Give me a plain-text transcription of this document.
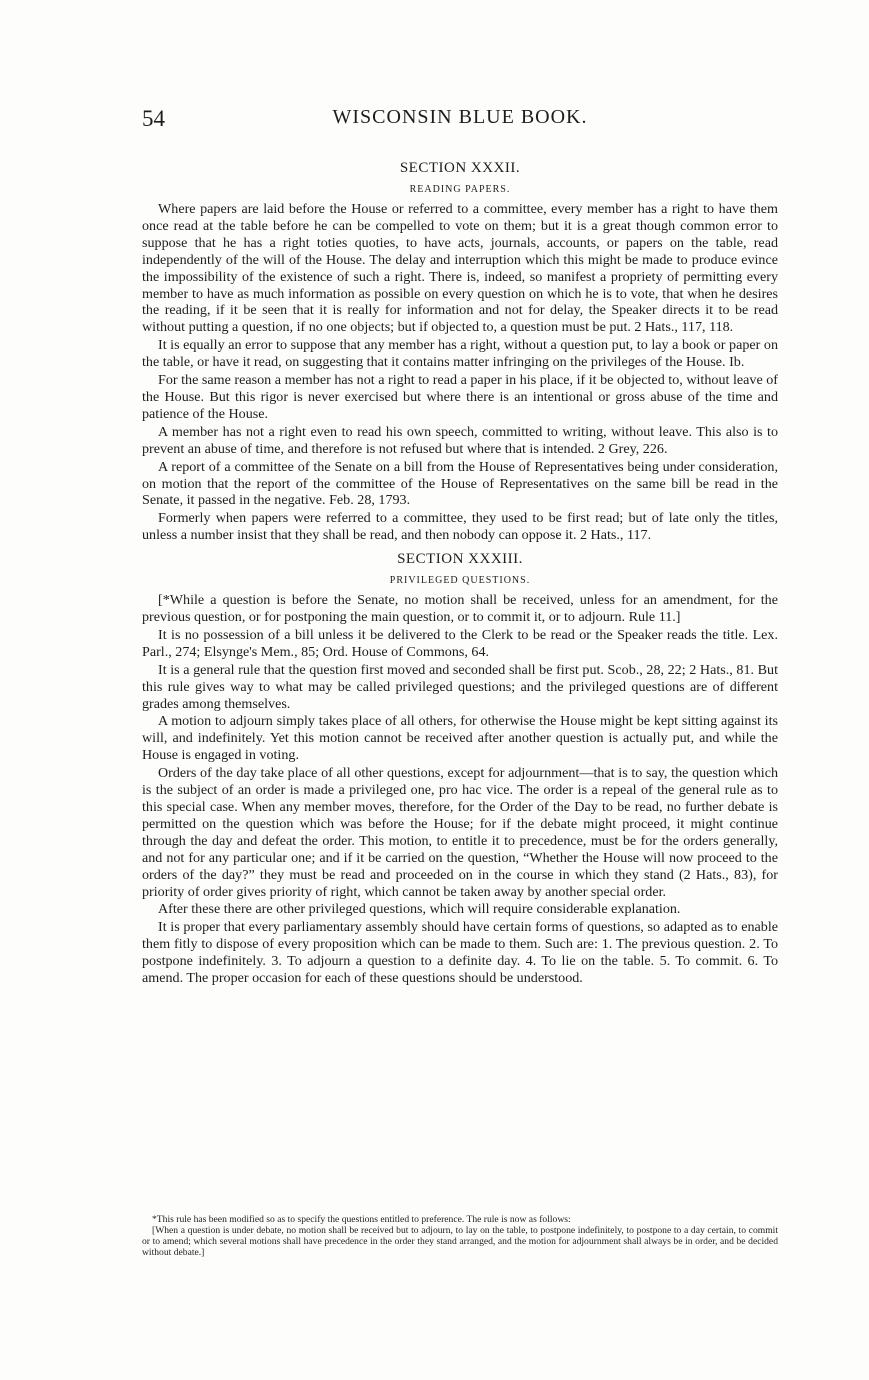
54	WISCONSIN BLUE BOOK.
SECTION XXXII.
READING PAPERS.

Where papers are laid before the House or referred to a committee, every member has a right to have them once read at the table before he can be compelled to vote on them; but it is a great though common error to suppose that he has a right toties quoties, to have acts, journals, accounts, or papers on the table, read independently of the will of the House. The delay and interruption which this might be made to produce evince the impossibility of the existence of such a right. There is, indeed, so manifest a propriety of permitting every member to have as much information as possible on every question on which he is to vote, that when he desires the reading, if it be seen that it is really for information and not for delay, the Speaker directs it to be read without putting a question, if no one objects; but if objected to, a question must be put. 2 Hats., 117, 118.

It is equally an error to suppose that any member has a right, without a question put, to lay a book or paper on the table, or have it read, on suggesting that it contains matter infringing on the privileges of the House. Ib.

For the same reason a member has not a right to read a paper in his place, if it be objected to, without leave of the House. But this rigor is never exercised but where there is an intentional or gross abuse of the time and patience of the House.

A member has not a right even to read his own speech, committed to writing, without leave. This also is to prevent an abuse of time, and therefore is not refused but where that is intended. 2 Grey, 226.

A report of a committee of the Senate on a bill from the House of Representatives being under consideration, on motion that the report of the committee of the House of Representatives on the same bill be read in the Senate, it passed in the negative. Feb. 28, 1793.

Formerly when papers were referred to a committee, they used to be first read; but of late only the titles, unless a number insist that they shall be read, and then nobody can oppose it. 2 Hats., 117.

SECTION XXXIII.
PRIVILEGED QUESTIONS.

[*While a question is before the Senate, no motion shall be received, unless for an amendment, for the previous question, or for postponing the main question, or to commit it, or to adjourn. Rule 11.]

It is no possession of a bill unless it be delivered to the Clerk to be read or the Speaker reads the title. Lex. Parl., 274; Elsynge's Mem., 85; Ord. House of Commons, 64.

It is a general rule that the question first moved and seconded shall be first put. Scob., 28, 22; 2 Hats., 81. But this rule gives way to what may be called privileged questions; and the privileged questions are of different grades among themselves.

A motion to adjourn simply takes place of all others, for otherwise the House might be kept sitting against its will, and indefinitely. Yet this motion cannot be received after another question is actually put, and while the House is engaged in voting.

Orders of the day take place of all other questions, except for adjournment—that is to say, the question which is the subject of an order is made a privileged one, pro hac vice. The order is a repeal of the general rule as to this special case. When any member moves, therefore, for the Order of the Day to be read, no further debate is permitted on the question which was before the House; for if the debate might proceed, it might continue through the day and defeat the order. This motion, to entitle it to precedence, must be for the orders generally, and not for any particular one; and if it be carried on the question, “Whether the House will now proceed to the orders of the day?” they must be read and proceeded on in the course in which they stand (2 Hats., 83), for priority of order gives priority of right, which cannot be taken away by another special order.

After these there are other privileged questions, which will require considerable explanation.

It is proper that every parliamentary assembly should have certain forms of questions, so adapted as to enable them fitly to dispose of every proposition which can be made to them. Such are: 1. The previous question. 2. To postpone indefinitely. 3. To adjourn a question to a definite day. 4. To lie on the table. 5. To commit. 6. To amend. The proper occasion for each of these questions should be understood.

*This rule has been modified so as to specify the questions entitled to preference. The rule is now as follows:

[When a question is under debate, no motion shall be received but to adjourn, to lay on the table, to postpone indefinitely, to postpone to a day certain, to commit or to amend; which several motions shall have precedence in the order they stand arranged, and the motion for adjournment shall always be in order, and be decided without debate.]
